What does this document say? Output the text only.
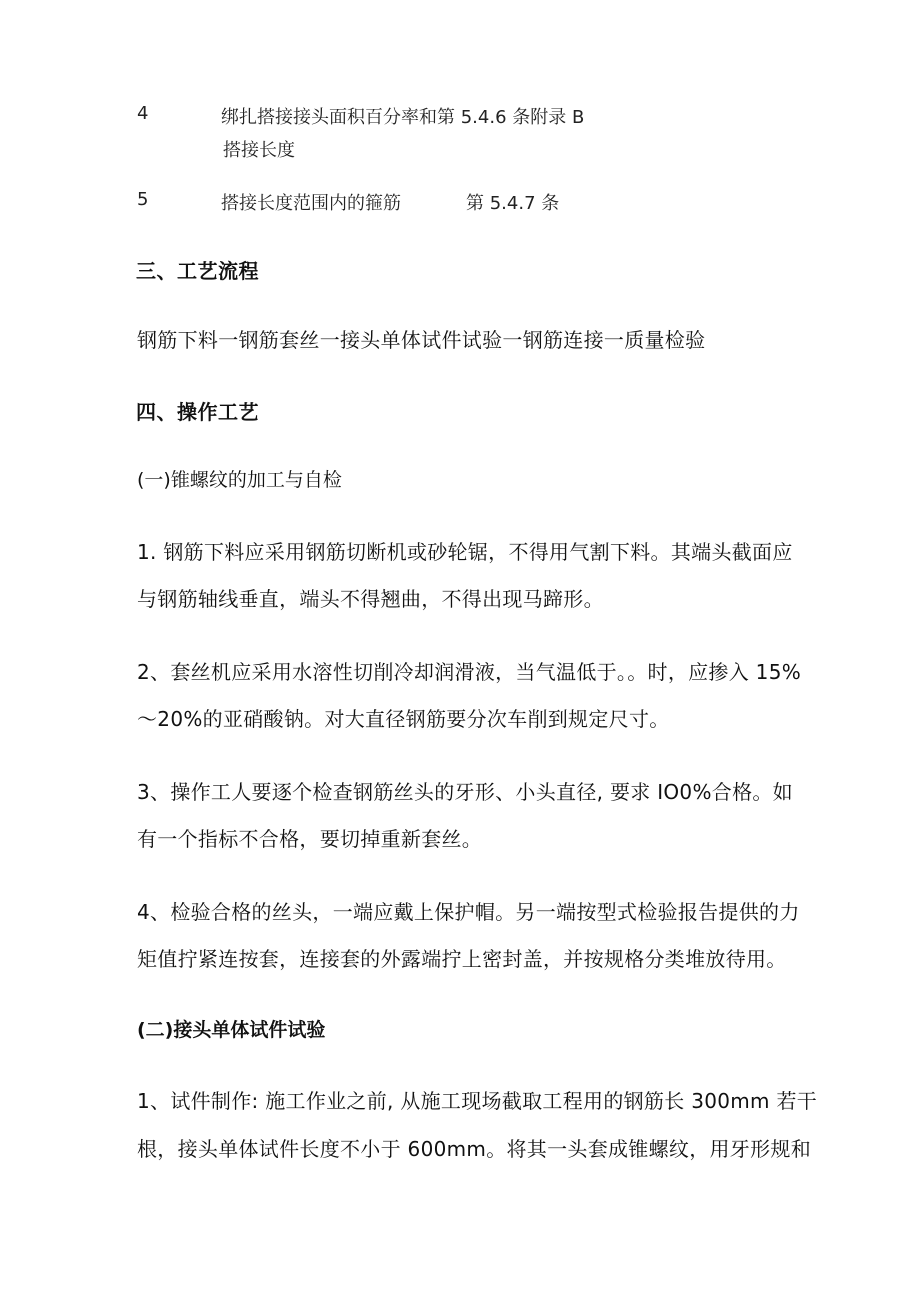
4	绑扎搭接接头面积百分率和第 5.4.6 条附录 B
搭接长度
5	搭接长度范围内的箍筋	第 5.4.7 条
三、工艺流程
钢筋下料一钢筋套丝一接头单体试件试验一钢筋连接一质量检验
四、操作工艺
(一)锥螺纹的加工与自检
1. 钢筋下料应采用钢筋切断机或砂轮锯，不得用气割下料。其端头截面应
与钢筋轴线垂直，端头不得翘曲，不得出现马蹄形。
2、套丝机应采用水溶性切削冷却润滑液，当气温低于。。时，应掺入 15%
～20%的亚硝酸钠。对大直径钢筋要分次车削到规定尺寸。
3、操作工人要逐个检查钢筋丝头的牙形、小头直径, 要求 IO0%合格。如
有一个指标不合格，要切掉重新套丝。
4、检验合格的丝头，一端应戴上保护帽。另一端按型式检验报告提供的力
矩值拧紧连按套，连接套的外露端拧上密封盖，并按规格分类堆放待用。
(二)接头单体试件试验
1、试件制作: 施工作业之前, 从施工现场截取工程用的钢筋长 300mm 若干
根，接头单体试件长度不小于 600mm。将其一头套成锥螺纹，用牙形规和
